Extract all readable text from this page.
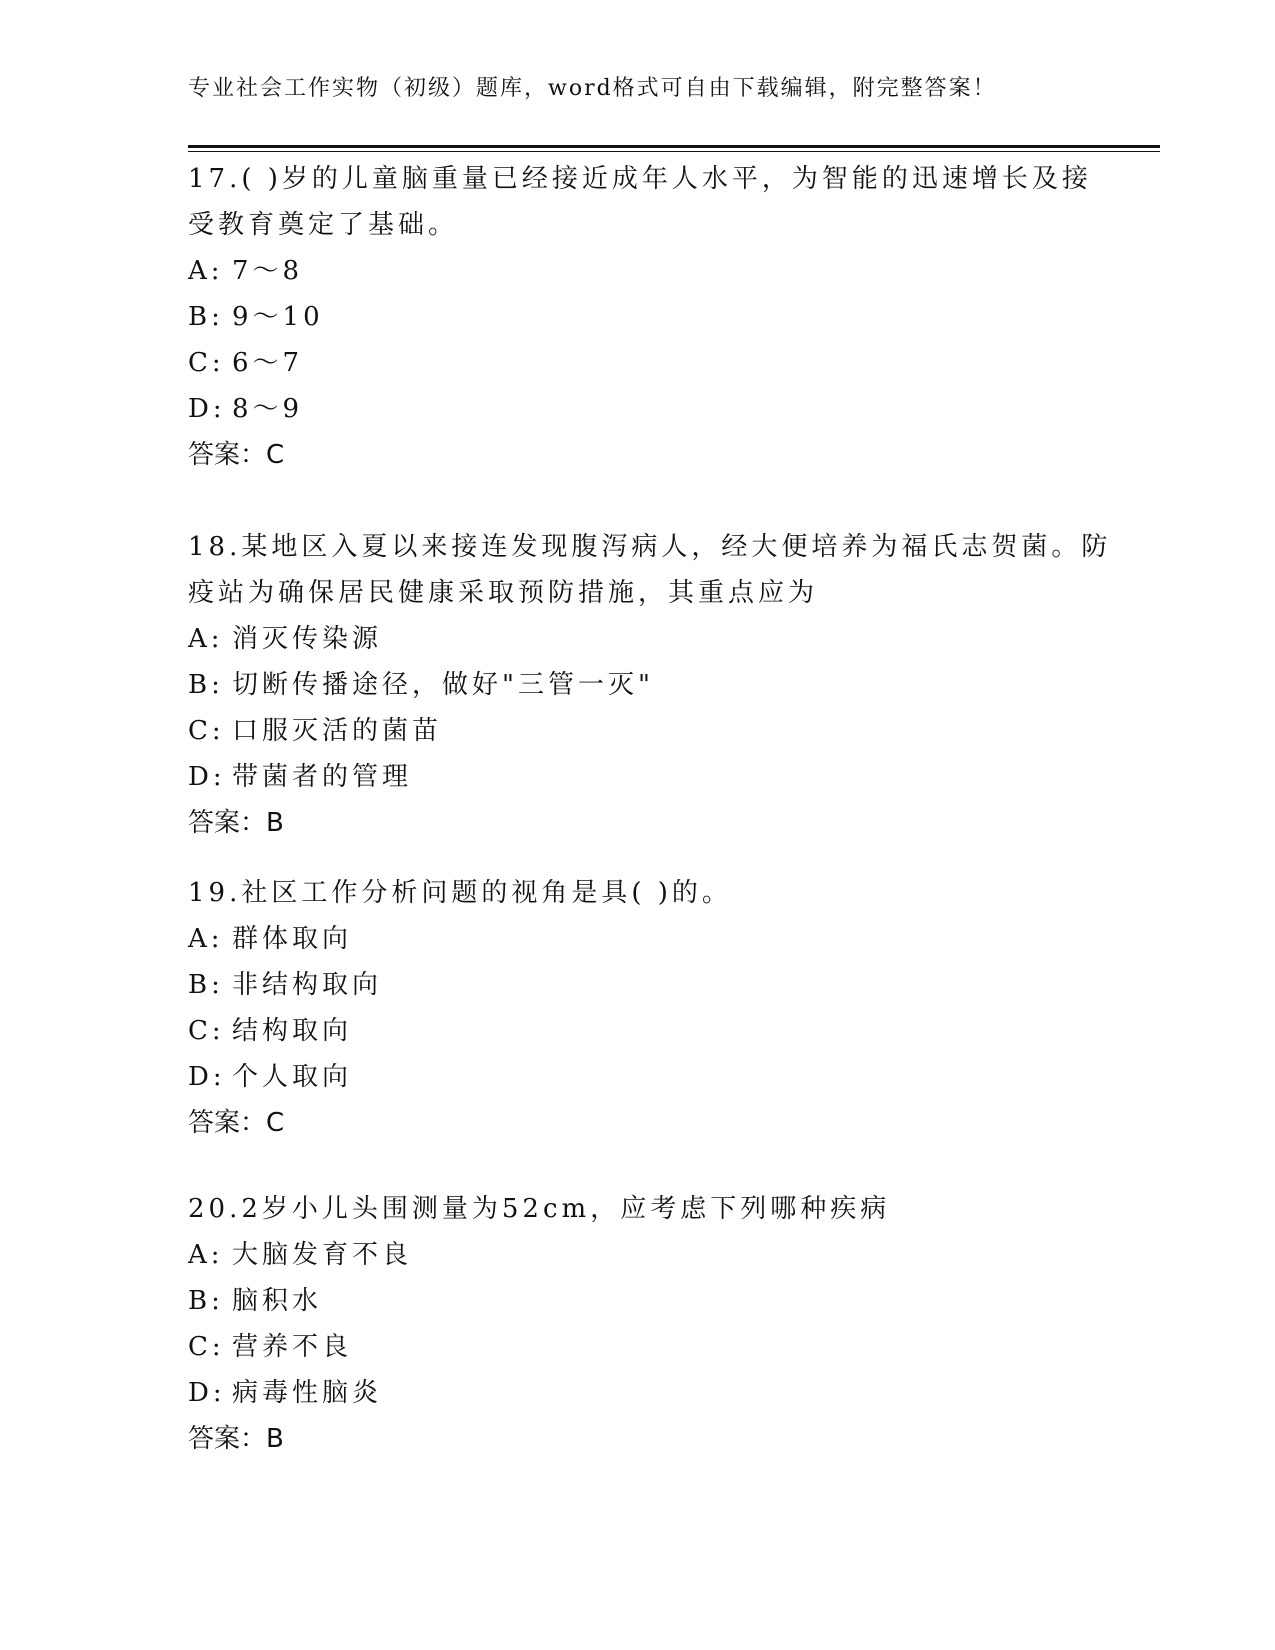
专业社会工作实物（初级）题库，word格式可自由下载编辑，附完整答案！
17.( )岁的儿童脑重量已经接近成年人水平，为智能的迅速增长及接
受教育奠定了基础。
A: 7～8
B: 9～10
C: 6～7
D: 8～9
答案：C
18.某地区入夏以来接连发现腹泻病人，经大便培养为福氏志贺菌。防
疫站为确保居民健康采取预防措施，其重点应为
A: 消灭传染源
B: 切断传播途径，做好"三管一灭"
C: 口服灭活的菌苗
D: 带菌者的管理
答案：B
19.社区工作分析问题的视角是具( )的。
A: 群体取向
B: 非结构取向
C: 结构取向
D: 个人取向
答案：C
20.2岁小儿头围测量为52cm，应考虑下列哪种疾病
A: 大脑发育不良
B: 脑积水
C: 营养不良
D: 病毒性脑炎
答案：B
